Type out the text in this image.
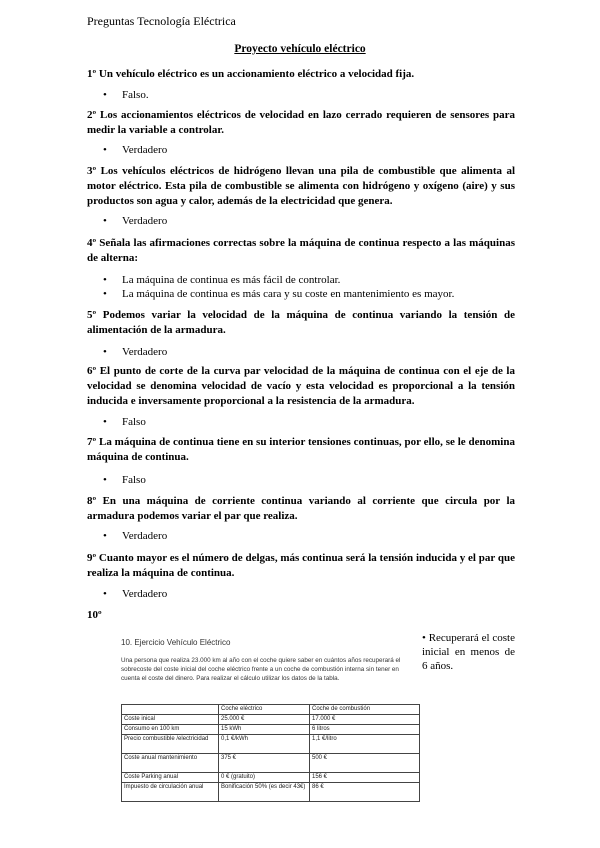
Preguntas Tecnología Eléctrica
Proyecto vehículo eléctrico
1º Un vehículo eléctrico es un accionamiento eléctrico a velocidad fija.
• Falso.
2º Los accionamientos eléctricos de velocidad en lazo cerrado requieren de sensores para medir la variable a controlar.
• Verdadero
3º Los vehículos eléctricos de hidrógeno llevan una pila de combustible que alimenta al motor eléctrico. Esta pila de combustible se alimenta con hidrógeno y oxígeno (aire) y sus productos son agua y calor, además de la electricidad que genera.
• Verdadero
4º Señala las afirmaciones correctas sobre la máquina de continua respecto a las máquinas de alterna:
• La máquina de continua es más fácil de controlar.
• La máquina de continua es más cara y su coste en mantenimiento es mayor.
5º Podemos variar la velocidad de la máquina de continua variando la tensión de alimentación de la armadura.
• Verdadero
6º El punto de corte de la curva par velocidad de la máquina de continua con el eje de la velocidad se denomina velocidad de vacío y esta velocidad es proporcional a la tensión inducida e inversamente proporcional a la resistencia de la armadura.
• Falso
7º La máquina de continua tiene en su interior tensiones continuas, por ello, se le denomina máquina de continua.
• Falso
8º En una máquina de corriente continua variando al corriente que circula por la armadura podemos variar el par que realiza.
• Verdadero
9º Cuanto mayor es el número de delgas, más continua será la tensión inducida y el par que realiza la máquina de continua.
• Verdadero
10º
10. Ejercicio Vehículo Eléctrico
Una persona que realiza 23.000 km al año con el coche quiere saber en cuántos años recuperará el sobrecoste del coste inicial del coche eléctrico frente a un coche de combustión interna sin tener en cuenta el coste del dinero. Para realizar el cálculo utilizar los datos de la tabla.
	Coche eléctrico	Coche de combustión
Coste inical	25.000 €	17.000 €
Consumo en 100 km	15 kWh	6 litros
Precio combustible /electricidad	0,1 €/kWh	1,1 €/litro
Coste anual mantenimiento	375 €	500 €
Coste Parking anual	0 € (gratuito)	156 €
Impuesto de circulación anual	Bonificación 50% (es decir 43€)	86 €
• Recuperará el coste inicial en menos de 6 años.
